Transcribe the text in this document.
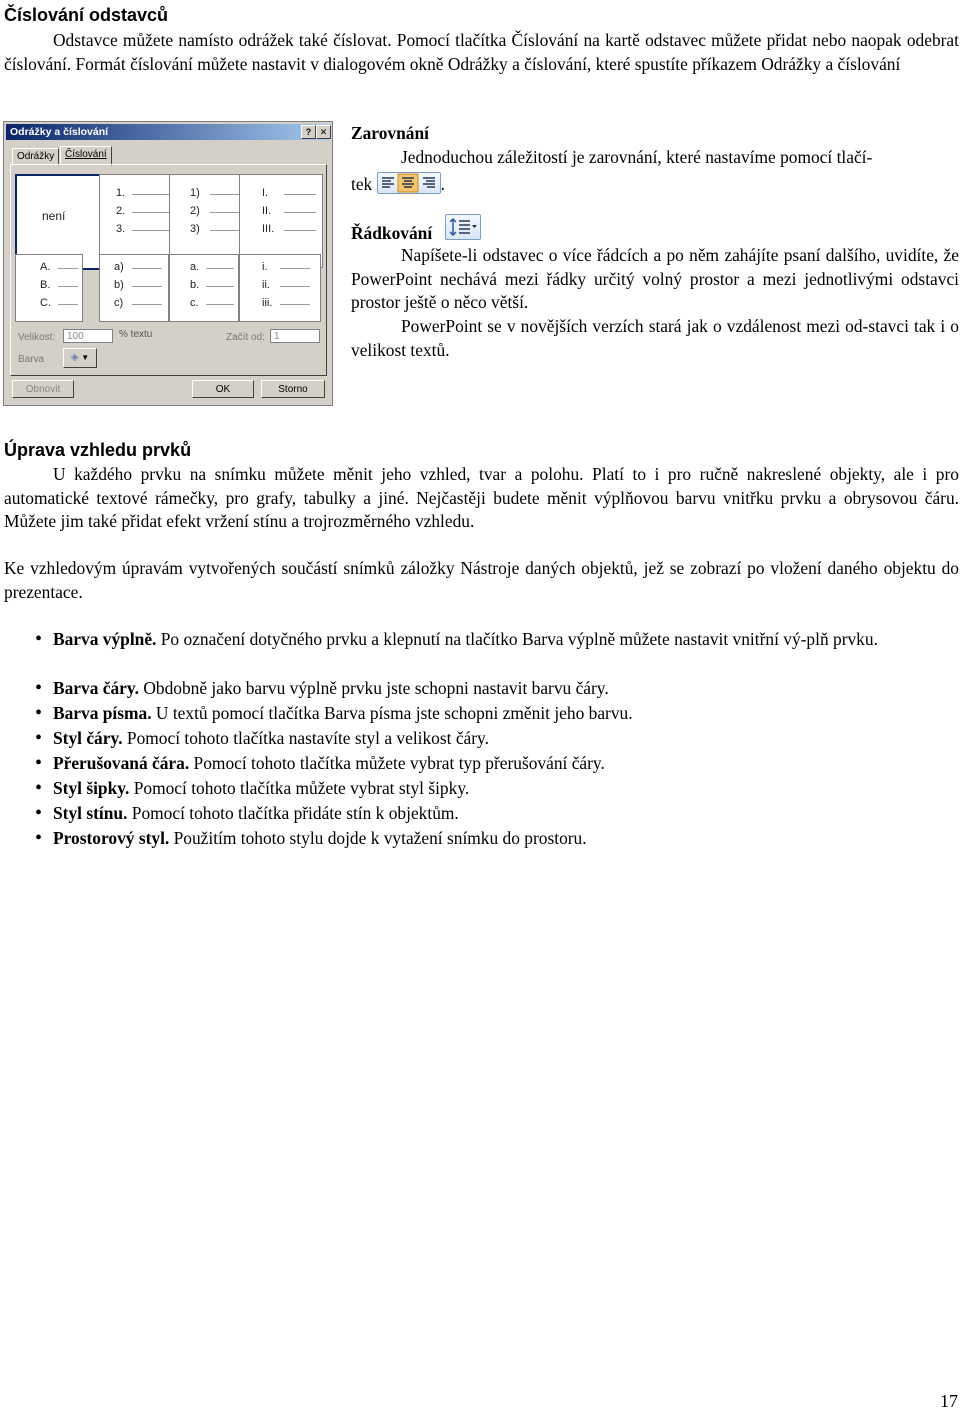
Číslování odstavců

Odstavce můžete namísto odrážek také číslovat. Pomocí tlačítka Číslování na kartě odstavec můžete přidat nebo naopak odebrat číslování. Formát číslování můžete nastavit v dialogovém okně Odrážky a číslování, které spustíte příkazem Odrážky a číslování

Odrážky a číslování	? ✕
Odrážky	Číslování
není
1.
2.
3.
1)
2)
3)
I.
II.
III.
A.
B.
C.
a)
b)
c)
a.
b.
c.
i.
ii.
iii.
Velikost:	100	% textu	Začít od: 1
Barva	◈ ▼
Obnovit	OK	Storno
Zarovnání

Jednoduchou záležitostí je zarovnání, které nastavíme pomocí tlačí-

tek	.
Řádkování

Napíšete-li odstavec o více řádcích a po něm zahájíte psaní dalšího, uvidíte, že PowerPoint nechává mezi řádky určitý volný prostor a mezi jednotlivými odstavci prostor ještě o něco větší.

PowerPoint se v novějších verzích stará jak o vzdálenost mezi od-stavci tak i o velikost textů.

Úprava vzhledu prvků

U každého prvku na snímku můžete měnit jeho vzhled, tvar a polohu. Platí to i pro ručně nakreslené objekty, ale i pro automatické textové rámečky, pro grafy, tabulky a jiné. Nejčastěji budete měnit výplňovou barvu vnitřku prvku a obrysovou čáru. Můžete jim také přidat efekt vržení stínu a trojrozměrného vzhledu.

Ke vzhledovým úpravám vytvořených součástí snímků záložky Nástroje daných objektů, jež se zobrazí po vložení daného objektu do prezentace.

• Barva výplně. Po označení dotyčného prvku a klepnutí na tlačítko Barva výplně můžete nastavit vnitřní vý-plň prvku.
• Barva čáry. Obdobně jako barvu výplně prvku jste schopni nastavit barvu čáry.
• Barva písma. U textů pomocí tlačítka Barva písma jste schopni změnit jeho barvu.
• Styl čáry. Pomocí tohoto tlačítka nastavíte styl a velikost čáry.
• Přerušovaná čára. Pomocí tohoto tlačítka můžete vybrat typ přerušování čáry.
• Styl šipky. Pomocí tohoto tlačítka můžete vybrat styl šipky.
• Styl stínu. Pomocí tohoto tlačítka přidáte stín k objektům.
• Prostorový styl. Použitím tohoto stylu dojde k vytažení snímku do prostoru.
17
